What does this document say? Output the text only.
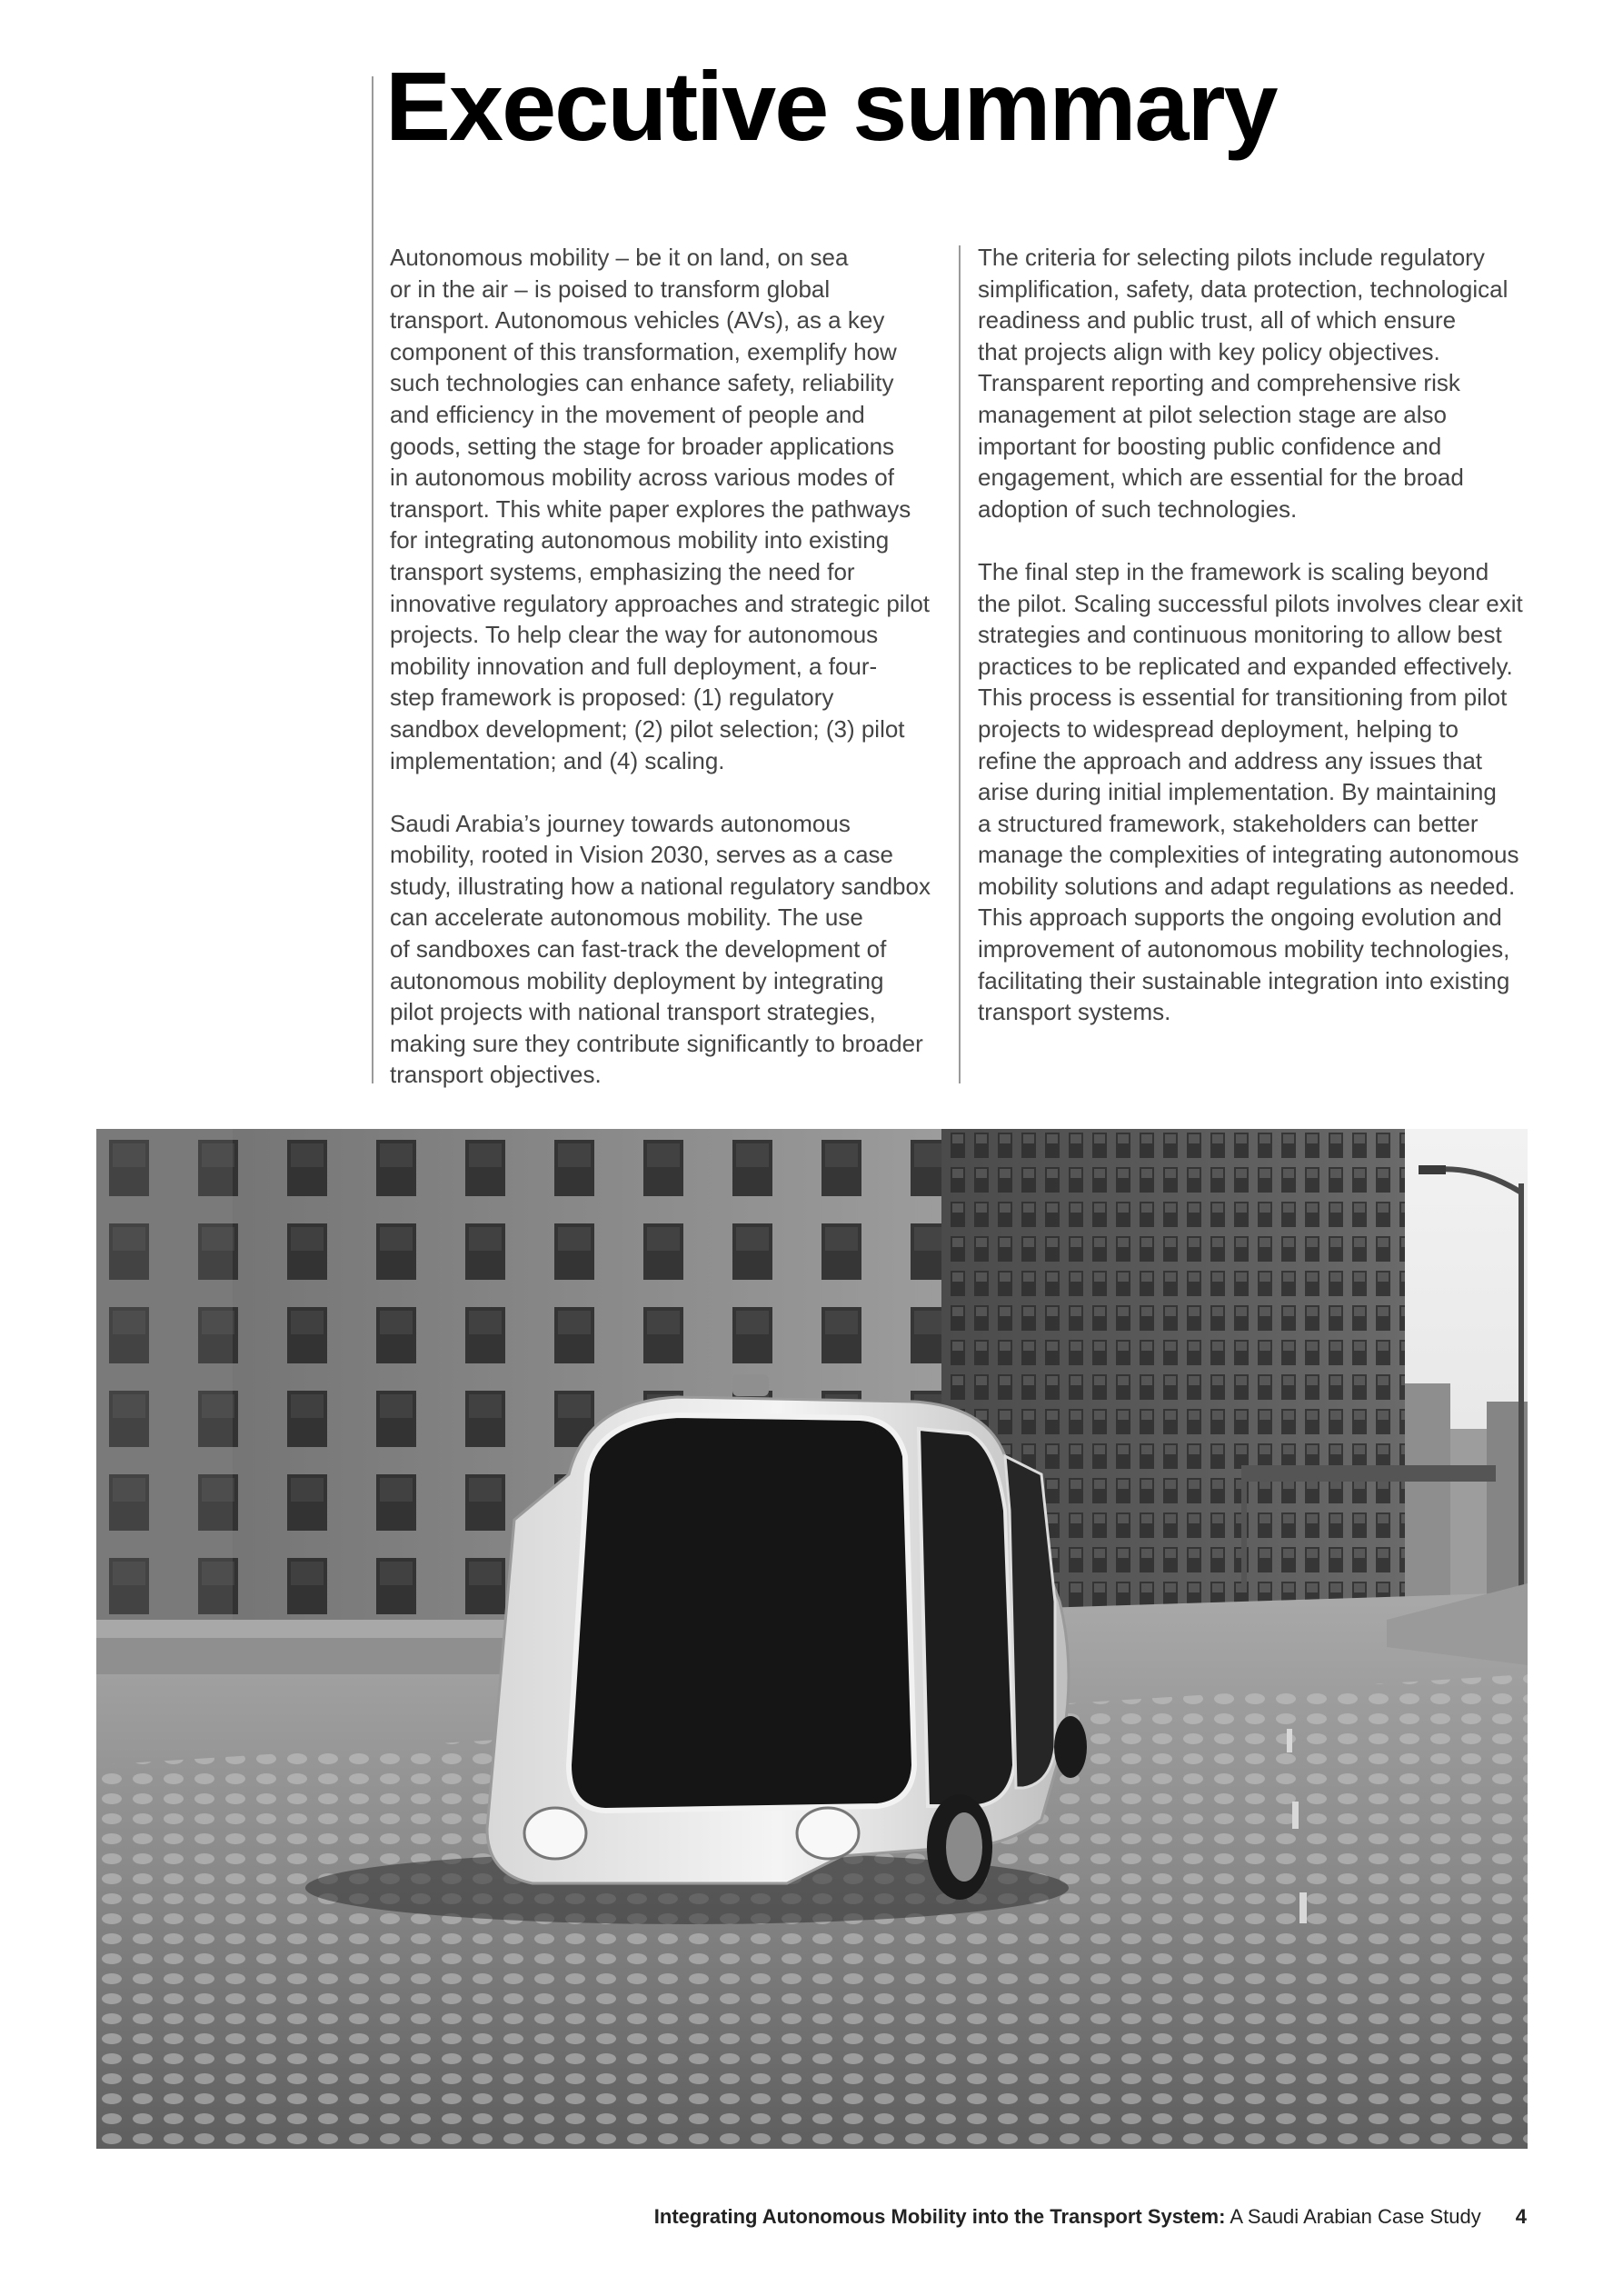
Executive summary

Autonomous mobility – be it on land, on sea
or in the air – is poised to transform global
transport. Autonomous vehicles (AVs), as a key
component of this transformation, exemplify how
such technologies can enhance safety, reliability
and efficiency in the movement of people and
goods, setting the stage for broader applications
in autonomous mobility across various modes of
transport. This white paper explores the pathways
for integrating autonomous mobility into existing
transport systems, emphasizing the need for
innovative regulatory approaches and strategic pilot
projects. To help clear the way for autonomous
mobility innovation and full deployment, a four-
step framework is proposed: (1) regulatory
sandbox development; (2) pilot selection; (3) pilot
implementation; and (4) scaling.

Saudi Arabia’s journey towards autonomous
mobility, rooted in Vision 2030, serves as a case
study, illustrating how a national regulatory sandbox
can accelerate autonomous mobility. The use
of sandboxes can fast-track the development of
autonomous mobility deployment by integrating
pilot projects with national transport strategies,
making sure they contribute significantly to broader
transport objectives.

The criteria for selecting pilots include regulatory
simplification, safety, data protection, technological
readiness and public trust, all of which ensure
that projects align with key policy objectives.
Transparent reporting and comprehensive risk
management at pilot selection stage are also
important for boosting public confidence and
engagement, which are essential for the broad
adoption of such technologies.

The final step in the framework is scaling beyond
the pilot. Scaling successful pilots involves clear exit
strategies and continuous monitoring to allow best
practices to be replicated and expanded effectively.
This process is essential for transitioning from pilot
projects to widespread deployment, helping to
refine the approach and address any issues that
arise during initial implementation. By maintaining
a structured framework, stakeholders can better
manage the complexities of integrating autonomous
mobility solutions and adapt regulations as needed.
This approach supports the ongoing evolution and
improvement of autonomous mobility technologies,
facilitating their sustainable integration into existing
transport systems.

Integrating Autonomous Mobility into the Transport System: A Saudi Arabian Case Study 4
